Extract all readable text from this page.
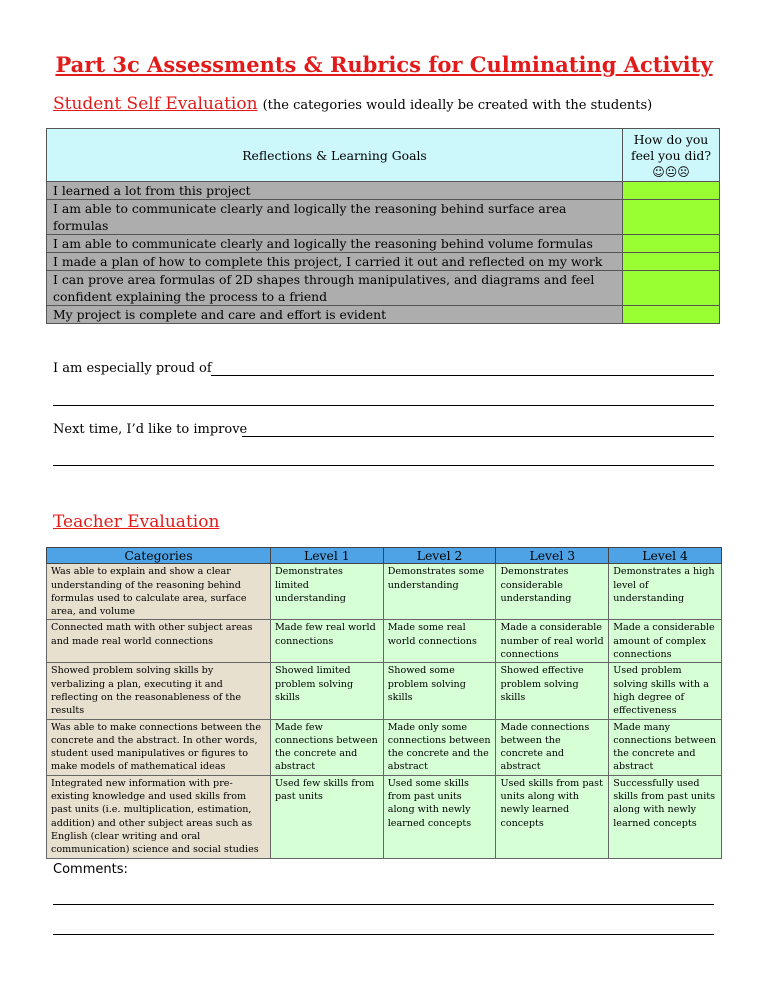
Part 3c Assessments & Rubrics for Culminating Activity
Student Self Evaluation (the categories would ideally be created with the students)
Reflections & Learning Goals	How do you
feel you did?
☺😐☹

I learned a lot from this project	
I am able to communicate clearly and logically the reasoning behind surface area formulas	
I am able to communicate clearly and logically the reasoning behind volume formulas	
I made a plan of how to complete this project, I carried it out and reflected on my work	
I can prove area formulas of 2D shapes through manipulatives, and diagrams and feel confident explaining the process to a friend	
My project is complete and care and effort is evident	
I am especially proud of
Next time, I’d like to improve
Teacher Evaluation
Categories	Level 1	Level 2	Level 3	Level 4
Was able to explain and show a clear understanding of the reasoning behind formulas used to calculate area, surface area, and volume	Demonstrates limited understanding	Demonstrates some understanding	Demonstrates considerable understanding	Demonstrates a high level of understanding
Connected math with other subject areas and made real world connections	Made few real world connections	Made some real world connections	Made a considerable number of real world connections	Made a considerable amount of complex connections
Showed problem solving skills by verbalizing a plan, executing it and reflecting on the reasonableness of the results	Showed limited problem solving skills	Showed some problem solving skills	Showed effective problem solving skills	Used problem solving skills with a high degree of effectiveness
Was able to make connections between the concrete and the abstract. In other words, student used manipulatives or figures to make models of mathematical ideas	Made few connections between the concrete and abstract	Made only some connections between the concrete and the abstract	Made connections between the concrete and abstract	Made many connections between the concrete and abstract
Integrated new information with pre-existing knowledge and used skills from past units (i.e. multiplication, estimation, addition) and other subject areas such as English (clear writing and oral communication) science and social studies	Used few skills from past units	Used some skills from past units along with newly learned concepts	Used skills from past units along with newly learned concepts	Successfully used skills from past units along with newly learned concepts
Comments:
